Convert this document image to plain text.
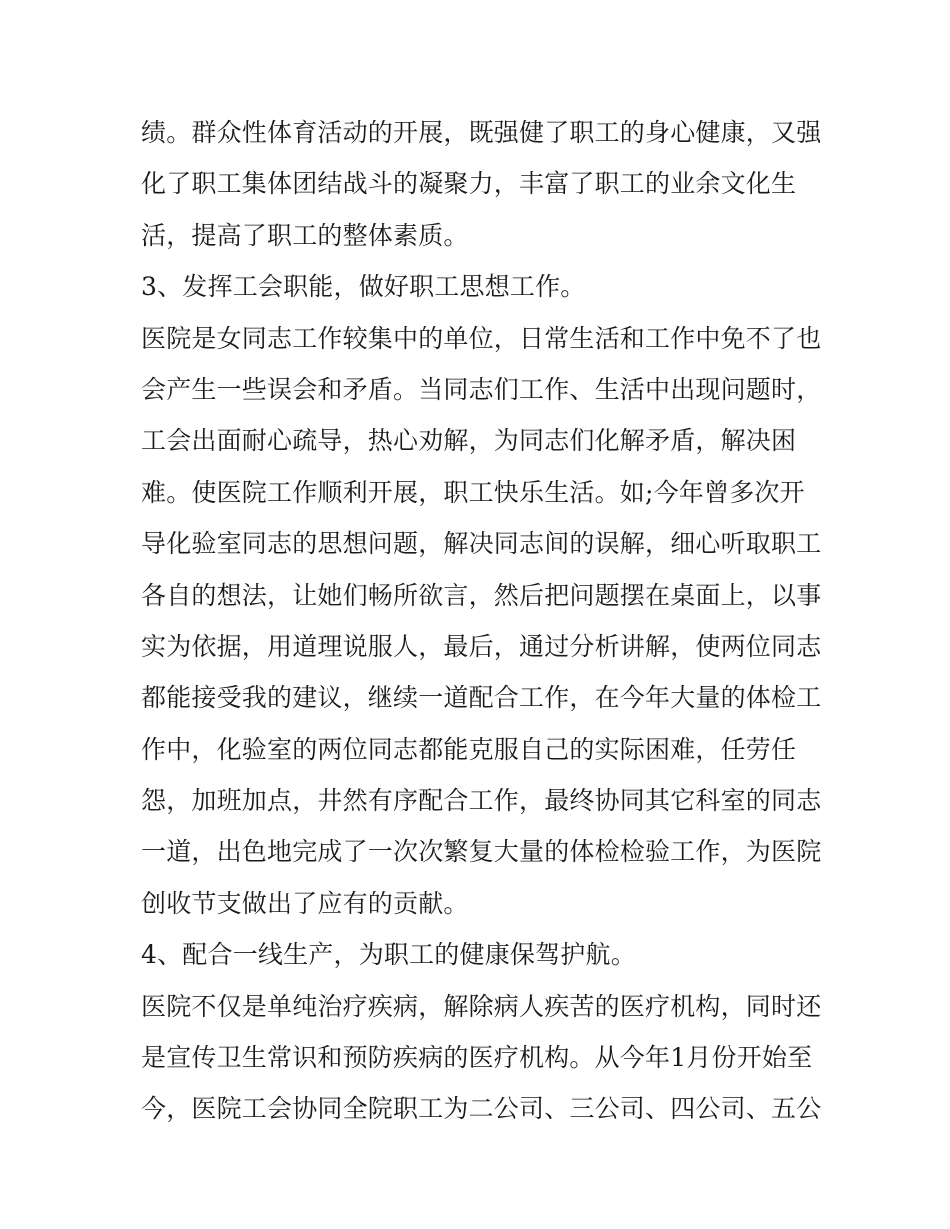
绩。群众性体育活动的开展，既强健了职工的身心健康，又强
化了职工集体团结战斗的凝聚力，丰富了职工的业余文化生
活，提高了职工的整体素质。
3、发挥工会职能，做好职工思想工作。
医院是女同志工作较集中的单位，日常生活和工作中免不了也
会产生一些误会和矛盾。当同志们工作、生活中出现问题时，
工会出面耐心疏导，热心劝解，为同志们化解矛盾，解决困
难。使医院工作顺利开展，职工快乐生活。如;今年曾多次开
导化验室同志的思想问题，解决同志间的误解，细心听取职工
各自的想法，让她们畅所欲言，然后把问题摆在桌面上，以事
实为依据，用道理说服人，最后，通过分析讲解，使两位同志
都能接受我的建议，继续一道配合工作，在今年大量的体检工
作中，化验室的两位同志都能克服自己的实际困难，任劳任
怨，加班加点，井然有序配合工作，最终协同其它科室的同志
一道，出色地完成了一次次繁复大量的体检检验工作，为医院
创收节支做出了应有的贡献。
4、配合一线生产，为职工的健康保驾护航。
医院不仅是单纯治疗疾病，解除病人疾苦的医疗机构，同时还
是宣传卫生常识和预防疾病的医疗机构。从今年1月份开始至
今，医院工会协同全院职工为二公司、三公司、四公司、五公
